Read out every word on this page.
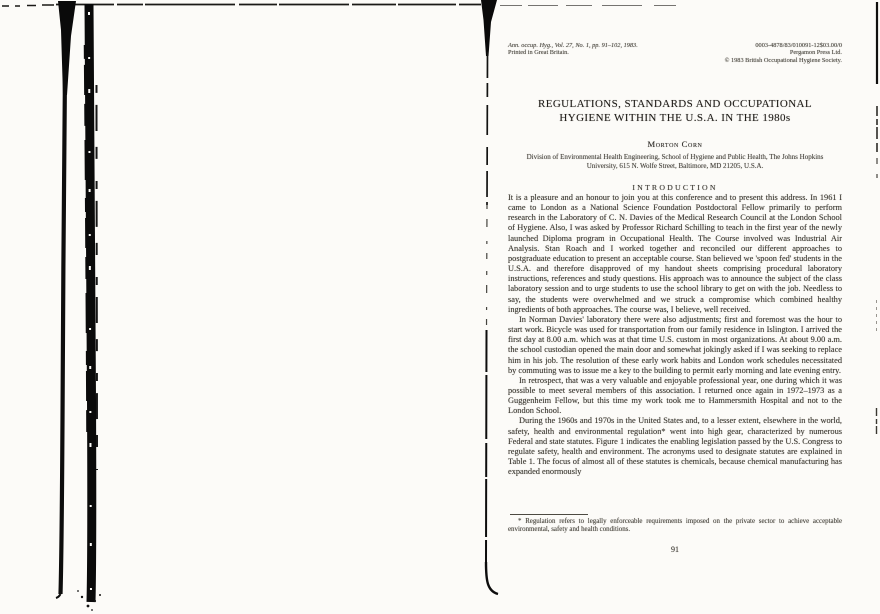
Ann. occup. Hyg., Vol. 27, No. 1, pp. 91–102, 1983.
Printed in Great Britain.
0003-4878/83/010091-12$03.00/0
Pergamon Press Ltd.
© 1983 British Occupational Hygiene Society.
REGULATIONS, STANDARDS AND OCCUPATIONAL HYGIENE WITHIN THE U.S.A. IN THE 1980s
Morton Corn
Division of Environmental Health Engineering, School of Hygiene and Public Health, The Johns Hopkins University, 615 N. Wolfe Street, Baltimore, MD 21205, U.S.A.
INTRODUCTION

It is a pleasure and an honour to join you at this conference and to present this address. In 1961 I came to London as a National Science Foundation Postdoctoral Fellow primarily to perform research in the Laboratory of C. N. Davies of the Medical Research Council at the London School of Hygiene. Also, I was asked by Professor Richard Schilling to teach in the first year of the newly launched Diploma program in Occupational Health. The Course involved was Industrial Air Analysis. Stan Roach and I worked together and reconciled our different approaches to postgraduate education to present an acceptable course. Stan believed we 'spoon fed' students in the U.S.A. and therefore disapproved of my handout sheets comprising procedural laboratory instructions, references and study questions. His approach was to announce the subject of the class laboratory session and to urge students to use the school library to get on with the job. Needless to say, the students were overwhelmed and we struck a compromise which combined healthy ingredients of both approaches. The course was, I believe, well received.

In Norman Davies' laboratory there were also adjustments; first and foremost was the hour to start work. Bicycle was used for transportation from our family residence in Islington. I arrived the first day at 8.00 a.m. which was at that time U.S. custom in most organizations. At about 9.00 a.m. the school custodian opened the main door and somewhat jokingly asked if I was seeking to replace him in his job. The resolution of these early work habits and London work schedules necessitated by commuting was to issue me a key to the building to permit early morning and late evening entry.

In retrospect, that was a very valuable and enjoyable professional year, one during which it was possible to meet several members of this association. I returned once again in 1972–1973 as a Guggenheim Fellow, but this time my work took me to Hammersmith Hospital and not to the London School.

During the 1960s and 1970s in the United States and, to a lesser extent, elsewhere in the world, safety, health and environmental regulation* went into high gear, characterized by numerous Federal and state statutes. Figure 1 indicates the enabling legislation passed by the U.S. Congress to regulate safety, health and environment. The acronyms used to designate statutes are explained in Table 1. The focus of almost all of these statutes is chemicals, because chemical manufacturing has expanded enormously

* Regulation refers to legally enforceable requirements imposed on the private sector to achieve acceptable environmental, safety and health conditions.

91
